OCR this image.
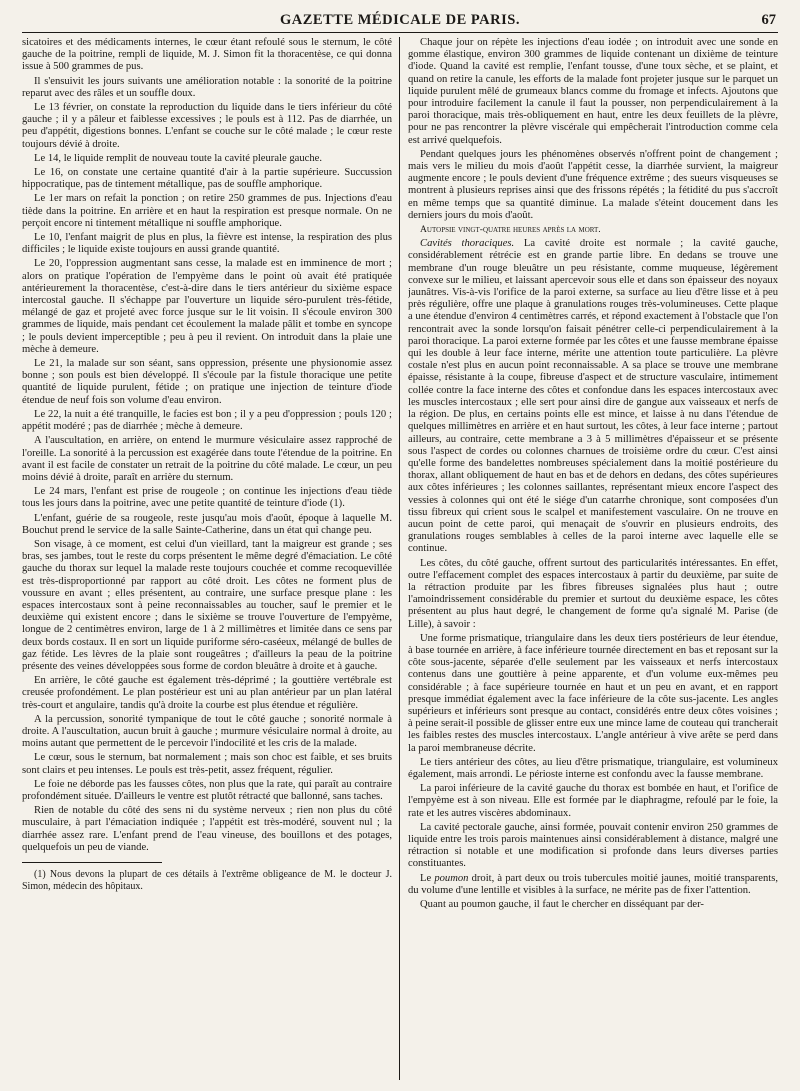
GAZETTE MÉDICALE DE PARIS.	67

sicatoires et des médicaments internes, le cœur étant refoulé sous le sternum, le côté gauche de la poitrine, rempli de liquide, M. J. Simon fit la thoracentèse, ce qui donna issue à 500 grammes de pus.

Il s'ensuivit les jours suivants une amélioration notable : la sonorité de la poitrine reparut avec des râles et un souffle doux.

Le 13 février, on constate la reproduction du liquide dans le tiers inférieur du côté gauche ; il y a pâleur et faiblesse excessives ; le pouls est à 112. Pas de diarrhée, un peu d'appétit, digestions bonnes. L'enfant se couche sur le côté malade ; le cœur reste toujours dévié à droite.

Le 14, le liquide remplit de nouveau toute la cavité pleurale gauche.

Le 16, on constate une certaine quantité d'air à la partie supérieure. Succussion hippocratique, pas de tintement métallique, pas de souffle amphorique.

Le 1er mars on refait la ponction ; on retire 250 grammes de pus. Injections d'eau tiède dans la poitrine. En arrière et en haut la respiration est presque normale. On ne perçoit encore ni tintement métallique ni souffle amphorique.

Le 10, l'enfant maigrit de plus en plus, la fièvre est intense, la respiration des plus difficiles ; le liquide existe toujours en aussi grande quantité.

Le 20, l'oppression augmentant sans cesse, la malade est en imminence de mort ; alors on pratique l'opération de l'empyème dans le point où avait été pratiquée antérieurement la thoracentèse, c'est-à-dire dans le tiers antérieur du sixième espace intercostal gauche. Il s'échappe par l'ouverture un liquide séro-purulent très-fétide, mélangé de gaz et projeté avec force jusque sur le lit voisin. Il s'écoule environ 300 grammes de liquide, mais pendant cet écoulement la malade pâlit et tombe en syncope ; le pouls devient imperceptible ; peu à peu il revient. On introduit dans la plaie une mèche à demeure.

Le 21, la malade sur son séant, sans oppression, présente une physionomie assez bonne ; son pouls est bien développé. Il s'écoule par la fistule thoracique une petite quantité de liquide purulent, fétide ; on pratique une injection de teinture d'iode étendue de neuf fois son volume d'eau environ.

Le 22, la nuit a été tranquille, le facies est bon ; il y a peu d'oppression ; pouls 120 ; appétit modéré ; pas de diarrhée ; mèche à demeure.

A l'auscultation, en arrière, on entend le murmure vésiculaire assez rapproché de l'oreille. La sonorité à la percussion est exagérée dans toute l'étendue de la poitrine. En avant il est facile de constater un retrait de la poitrine du côté malade. Le cœur, un peu moins dévié à droite, paraît en arrière du sternum.

Le 24 mars, l'enfant est prise de rougeole ; on continue les injections d'eau tiède tous les jours dans la poitrine, avec une petite quantité de teinture d'iode (1).

L'enfant, guérie de sa rougeole, reste jusqu'au mois d'août, époque à laquelle M. Bouchut prend le service de la salle Sainte-Catherine, dans un état qui change peu.

Son visage, à ce moment, est celui d'un vieillard, tant la maigreur est grande ; ses bras, ses jambes, tout le reste du corps présentent le même degré d'émaciation. Le côté gauche du thorax sur lequel la malade reste toujours couchée et comme recoquevillée est très-disproportionné par rapport au côté droit. Les côtes ne forment plus de voussure en avant ; elles présentent, au contraire, une surface presque plane : les espaces intercostaux sont à peine reconnaissables au toucher, sauf le premier et le deuxième qui existent encore ; dans le sixième se trouve l'ouverture de l'empyème, longue de 2 centimètres environ, large de 1 à 2 millimètres et limitée dans ce sens par deux bords costaux. Il en sort un liquide puriforme séro-caséeux, mélangé de bulles de gaz fétide. Les lèvres de la plaie sont rougeâtres ; d'ailleurs la peau de la poitrine présente des veines développées sous forme de cordon bleuâtre à droite et à gauche.

En arrière, le côté gauche est également très-déprimé ; la gouttière vertébrale est creusée profondément. Le plan postérieur est uni au plan antérieur par un plan latéral très-court et angulaire, tandis qu'à droite la courbe est plus étendue et régulière.

A la percussion, sonorité tympanique de tout le côté gauche ; sonorité normale à droite. A l'auscultation, aucun bruit à gauche ; murmure vésiculaire normal à droite, au moins autant que permettent de le percevoir l'indocilité et les cris de la malade.

Le cœur, sous le sternum, bat normalement ; mais son choc est faible, et ses bruits sont clairs et peu intenses. Le pouls est très-petit, assez fréquent, régulier.

Le foie ne déborde pas les fausses côtes, non plus que la rate, qui paraît au contraire profondément située. D'ailleurs le ventre est plutôt rétracté que ballonné, sans taches.

Rien de notable du côté des sens ni du système nerveux ; rien non plus du côté musculaire, à part l'émaciation indiquée ; l'appétit est très-modéré, souvent nul ; la diarrhée assez rare. L'enfant prend de l'eau vineuse, des bouillons et des potages, quelquefois un peu de viande.

(1) Nous devons la plupart de ces détails à l'extrême obligeance de M. le docteur J. Simon, médecin des hôpitaux.

Chaque jour on répète les injections d'eau iodée ; on introduit avec une sonde en gomme élastique, environ 300 grammes de liquide contenant un dixième de teinture d'iode. Quand la cavité est remplie, l'enfant tousse, d'une toux sèche, et se plaint, et quand on retire la canule, les efforts de la malade font projeter jusque sur le parquet un liquide purulent mêlé de grumeaux blancs comme du fromage et infects. Ajoutons que pour introduire facilement la canule il faut la pousser, non perpendiculairement à la paroi thoracique, mais très-obliquement en haut, entre les deux feuillets de la plèvre, pour ne pas rencontrer la plèvre viscérale qui empêcherait l'introduction comme cela est arrivé quelquefois.

Pendant quelques jours les phénomènes observés n'offrent point de changement ; mais vers le milieu du mois d'août l'appétit cesse, la diarrhée survient, la maigreur augmente encore ; le pouls devient d'une fréquence extrême ; des sueurs visqueuses se montrent à plusieurs reprises ainsi que des frissons répétés ; la fétidité du pus s'accroît en même temps que sa quantité diminue. La malade s'éteint doucement dans les derniers jours du mois d'août.

Autopsie vingt-quatre heures après la mort.

Cavités thoraciques. La cavité droite est normale ; la cavité gauche, considérablement rétrécie est en grande partie libre. En dedans se trouve une membrane d'un rouge bleuâtre un peu résistante, comme muqueuse, légèrement convexe sur le milieu, et laissant apercevoir sous elle et dans son épaisseur des noyaux jaunâtres. Vis-à-vis l'orifice de la paroi externe, sa surface au lieu d'être lisse et à peu près régulière, offre une plaque à granulations rouges très-volumineuses. Cette plaque a une étendue d'environ 4 centimètres carrés, et répond exactement à l'obstacle que l'on rencontrait avec la sonde lorsqu'on faisait pénétrer celle-ci perpendiculairement à la paroi thoracique. La paroi externe formée par les côtes et une fausse membrane épaisse qui les double à leur face interne, mérite une attention toute particulière. La plèvre costale n'est plus en aucun point reconnaissable. A sa place se trouve une membrane épaisse, résistante à la coupe, fibreuse d'aspect et de structure vasculaire, intimement collée contre la face interne des côtes et confondue dans les espaces intercostaux avec les muscles intercostaux ; elle sert pour ainsi dire de gangue aux vaisseaux et nerfs de la région. De plus, en certains points elle est mince, et laisse à nu dans l'étendue de quelques millimètres en arrière et en haut surtout, les côtes, à leur face interne ; partout ailleurs, au contraire, cette membrane a 3 à 5 millimètres d'épaisseur et se présente sous l'aspect de cordes ou colonnes charnues de troisième ordre du cœur. C'est ainsi qu'elle forme des bandelettes nombreuses spécialement dans la moitié postérieure du thorax, allant obliquement de haut en bas et de dehors en dedans, des côtes supérieures aux côtes inférieures ; les colonnes saillantes, représentant mieux encore l'aspect des vessies à colonnes qui ont été le siége d'un catarrhe chronique, sont composées d'un tissu fibreux qui crient sous le scalpel et manifestement vasculaire. On ne trouve en aucun point de cette paroi, qui menaçait de s'ouvrir en plusieurs endroits, des granulations rouges semblables à celles de la paroi interne avec laquelle elle se continue.

Les côtes, du côté gauche, offrent surtout des particularités intéressantes. En effet, outre l'effacement complet des espaces intercostaux à partir du deuxième, par suite de la rétraction produite par les fibres fibreuses signalées plus haut ; outre l'amoindrissement considérable du premier et surtout du deuxième espace, les côtes présentent au plus haut degré, le changement de forme qu'a signalé M. Parise (de Lille), à savoir :

Une forme prismatique, triangulaire dans les deux tiers postérieurs de leur étendue, à base tournée en arrière, à face inférieure tournée directement en bas et reposant sur la côte sous-jacente, séparée d'elle seulement par les vaisseaux et nerfs intercostaux contenus dans une gouttière à peine apparente, et d'un volume eux-mêmes peu considérable ; à face supérieure tournée en haut et un peu en avant, et en rapport presque immédiat également avec la face inférieure de la côte sus-jacente. Les angles supérieurs et inférieurs sont presque au contact, considérés entre deux côtes voisines ; à peine serait-il possible de glisser entre eux une mince lame de couteau qui trancherait les faibles restes des muscles intercostaux. L'angle antérieur à vive arête se perd dans la paroi membraneuse décrite.

Le tiers antérieur des côtes, au lieu d'être prismatique, triangulaire, est volumineux également, mais arrondi. Le périoste interne est confondu avec la fausse membrane.

La paroi inférieure de la cavité gauche du thorax est bombée en haut, et l'orifice de l'empyème est à son niveau. Elle est formée par le diaphragme, refoulé par le foie, la rate et les autres viscères abdominaux.

La cavité pectorale gauche, ainsi formée, pouvait contenir environ 250 grammes de liquide entre les trois parois maintenues ainsi considérablement à distance, malgré une rétraction si notable et une modification si profonde dans leurs diverses parties constituantes.

Le poumon droit, à part deux ou trois tubercules moitié jaunes, moitié transparents, du volume d'une lentille et visibles à la surface, ne mérite pas de fixer l'attention.

Quant au poumon gauche, il faut le chercher en disséquant par der-
